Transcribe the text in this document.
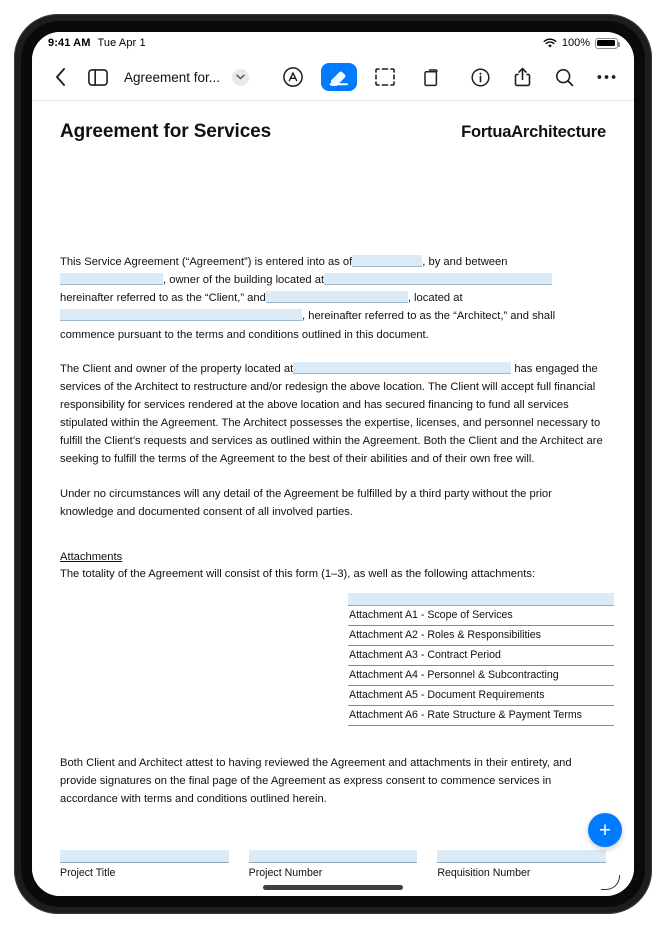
9:41 AM Tue Apr 1	100%
Agreement for...
Agreement for Services	FortuaArchitecture
This Service Agreement (“Agreement”) is entered into as of	, by and between, owner of the building located at hereinafter referred to as the “Client,” and	, located at, hereinafter referred to as the “Architect,” and shall commence pursuant to the terms and conditions outlined in this document.
The Client and owner of the property located at	has engaged the services of the Architect to restructure and/or redesign the above location. The Client will accept full financial responsibility for services rendered at the above location and has secured financing to fund all services stipulated within the Agreement. The Architect possesses the expertise, licenses, and personnel necessary to fulfill the Client’s requests and services as outlined within the Agreement. Both the Client and the Architect are seeking to fulfill the terms of the Agreement to the best of their abilities and of their own free will.
Under no circumstances will any detail of the Agreement be fulfilled by a third party without the prior knowledge and documented consent of all involved parties.
Attachments
The totality of the Agreement will consist of this form (1–3), as well as the following attachments:
Attachment A1 - Scope of Services
Attachment A2 - Roles & Responsibilities
Attachment A3 - Contract Period
Attachment A4 - Personnel & Subcontracting
Attachment A5 - Document Requirements
Attachment A6 - Rate Structure & Payment Terms
Both Client and Architect attest to having reviewed the Agreement and attachments in their entirety, and provide signatures on the final page of the Agreement as express consent to commence services in accordance with terms and conditions outlined herein.
Project Title	Project Number	Requisition Number
+
